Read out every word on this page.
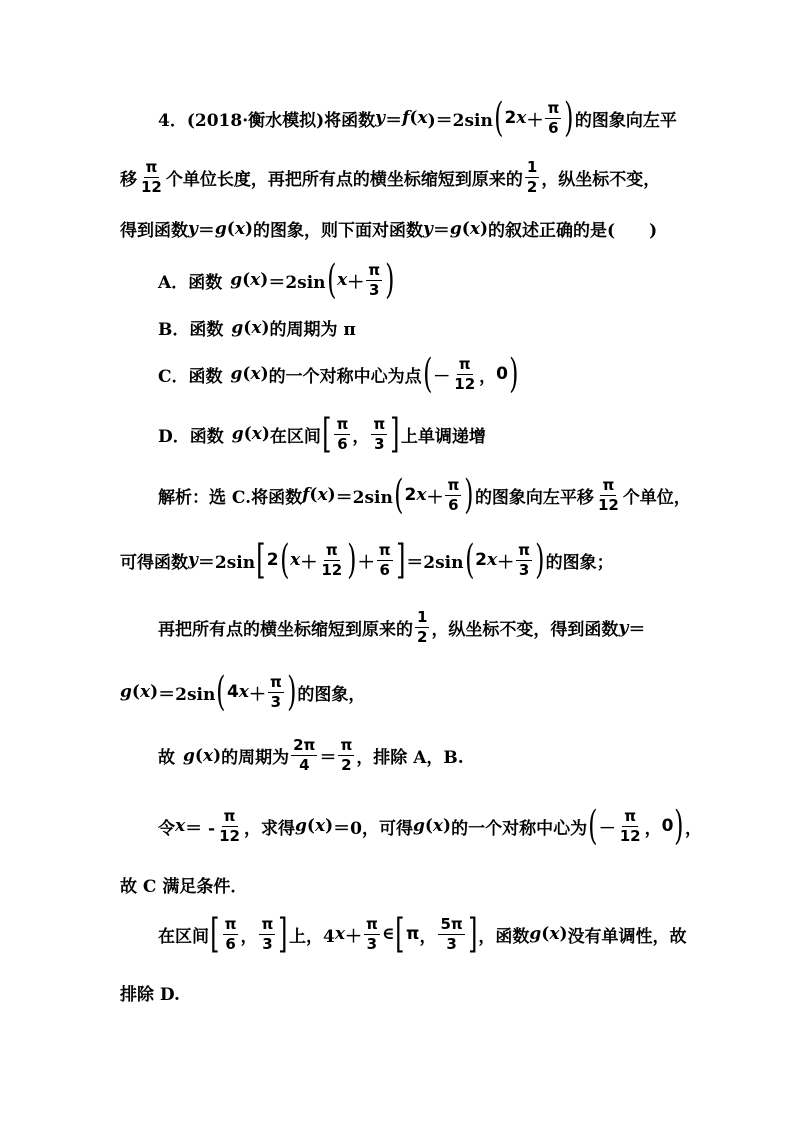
4． (2018·衡水模拟) 将函数 y ＝ f ( x )＝2sin ( 2 $x + \frac{\pi}{6}$ ) 的图象向左平
移 $\frac{\pi}{12}$ 个单位长度，再把所有点的横坐标缩短到原来的 $\frac{1}{2}$ ，纵坐标不变，
得到函数 y ＝ g ( x ) 的图象，则下面对函数 y ＝ g ( x ) 的叙述正确的是(　　)
A．函数 g ( x ) ＝2sin ( $x + \frac{\pi}{3}$ )
B．函数 g ( x ) 的周期为 π
C．函数 g ( x ) 的一个对称中心为点 ( － $\frac{\pi}{12}$ ， 0 )
D．函数 g ( x ) 在区间 [ $\frac{\pi}{6}$ ， $\frac{\pi}{3}$ ] 上单调递增
解析： 选 C.将函数 f ( x ) ＝2sin ( 2 $x + \frac{\pi}{6}$ ) 的图象向左平移 $\frac{\pi}{12}$ 个单位，
可得函数 y ＝2sin [ 2 ( $x + \frac{\pi}{12}$ ) ＋ $\frac{\pi}{6}$ ] ＝2sin ( 2 $x + \frac{\pi}{3}$ ) 的图象；
再把所有点的横坐标缩短到原来的 $\frac{1}{2}$ ，纵坐标不变，得到函数 y ＝
g ( x ) ＝2sin ( 4 $x + \frac{\pi}{3}$ ) 的图象，
故 g ( x ) 的周期为 $\frac{2\pi}{4} = \frac{\pi}{2}$ ，排除 A，B.
令 x ＝ - $\frac{\pi}{12}$ ，求得 g ( x ) ＝0，可得 g ( x ) 的一个对称中心为 ( － $\frac{\pi}{12}$ ， 0 ) ，
故 C 满足条件．
在区间 [ $\frac{\pi}{6}$ ， $\frac{\pi}{3}$ ] 上，4 $x + \frac{\pi}{3}$ ∈ [ π ， $\frac{5\pi}{3}$ ] ，函数 g ( x ) 没有单调性，故
排除 D.
